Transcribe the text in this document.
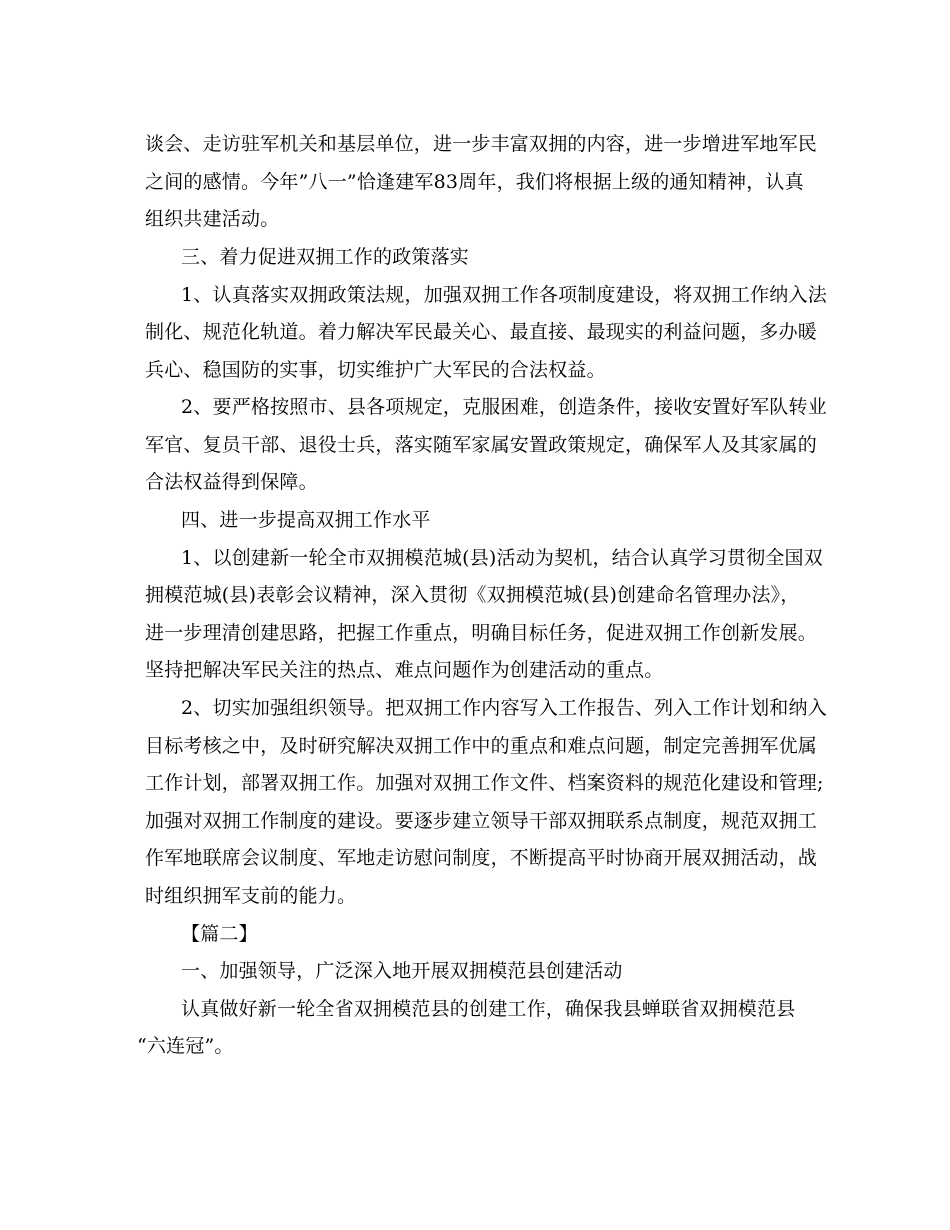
谈会、走访驻军机关和基层单位，进一步丰富双拥的内容，进一步增进军地军民
之间的感情。今年”八一”恰逢建军83周年，我们将根据上级的通知精神，认真
组织共建活动。
三、着力促进双拥工作的政策落实
1、认真落实双拥政策法规，加强双拥工作各项制度建设，将双拥工作纳入法
制化、规范化轨道。着力解决军民最关心、最直接、最现实的利益问题，多办暖
兵心、稳国防的实事，切实维护广大军民的合法权益。
2、要严格按照市、县各项规定，克服困难，创造条件，接收安置好军队转业
军官、复员干部、退役士兵，落实随军家属安置政策规定，确保军人及其家属的
合法权益得到保障。
四、进一步提高双拥工作水平
1、以创建新一轮全市双拥模范城(县)活动为契机，结合认真学习贯彻全国双
拥模范城(县)表彰会议精神，深入贯彻《双拥模范城(县)创建命名管理办法》，
进一步理清创建思路，把握工作重点，明确目标任务，促进双拥工作创新发展。
坚持把解决军民关注的热点、难点问题作为创建活动的重点。
2、切实加强组织领导。把双拥工作内容写入工作报告、列入工作计划和纳入
目标考核之中，及时研究解决双拥工作中的重点和难点问题，制定完善拥军优属
工作计划，部署双拥工作。加强对双拥工作文件、档案资料的规范化建设和管理;
加强对双拥工作制度的建设。要逐步建立领导干部双拥联系点制度，规范双拥工
作军地联席会议制度、军地走访慰问制度，不断提高平时协商开展双拥活动，战
时组织拥军支前的能力。
【篇二】
一、加强领导，广泛深入地开展双拥模范县创建活动
认真做好新一轮全省双拥模范县的创建工作，确保我县蝉联省双拥模范县
“六连冠”。
